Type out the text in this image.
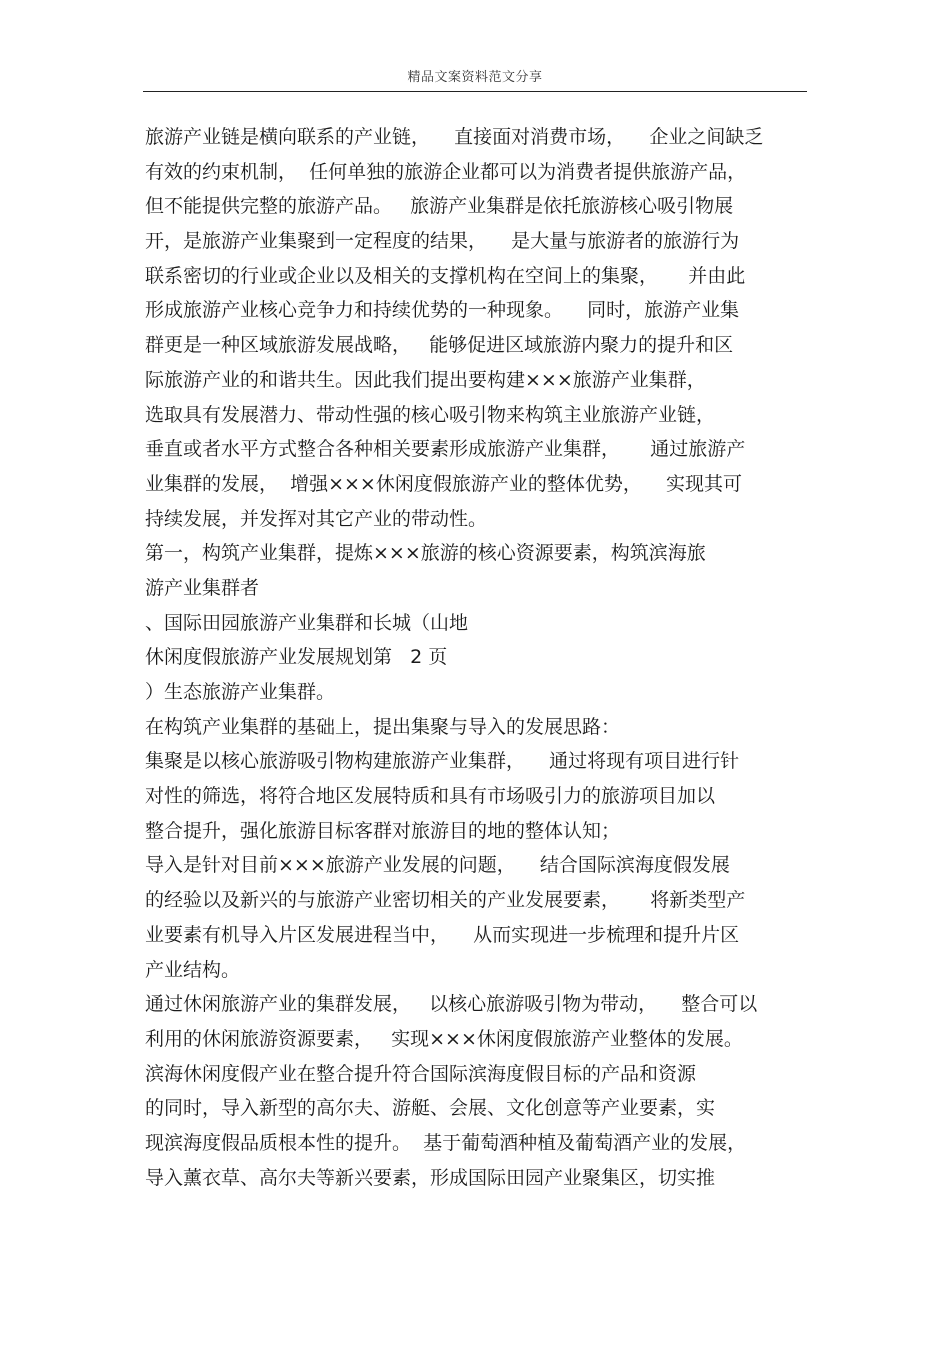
精品文案资料范文分享
旅游产业链是横向联系的产业链，    直接面对消费市场，    企业之间缺乏
有效的约束机制，  任何单独的旅游企业都可以为消费者提供旅游产品，
但不能提供完整的旅游产品。   旅游产业集群是依托旅游核心吸引物展
开，是旅游产业集聚到一定程度的结果，    是大量与旅游者的旅游行为
联系密切的行业或企业以及相关的支撑机构在空间上的集聚，     并由此
形成旅游产业核心竞争力和持续优势的一种现象。    同时，旅游产业集
群更是一种区域旅游发展战略，   能够促进区域旅游内聚力的提升和区
际旅游产业的和谐共生。因此我们提出要构建×××旅游产业集群，
选取具有发展潜力、带动性强的核心吸引物来构筑主业旅游产业链，
垂直或者水平方式整合各种相关要素形成旅游产业集群，     通过旅游产
业集群的发展，  增强×××休闲度假旅游产业的整体优势，    实现其可
持续发展，并发挥对其它产业的带动性。
第一，构筑产业集群，提炼×××旅游的核心资源要素，构筑滨海旅
游产业集群者
、国际田园旅游产业集群和长城（山地
休闲度假旅游产业发展规划第   2 页
）生态旅游产业集群。
在构筑产业集群的基础上，提出集聚与导入的发展思路：
集聚是以核心旅游吸引物构建旅游产业集群，    通过将现有项目进行针
对性的筛选，将符合地区发展特质和具有市场吸引力的旅游项目加以
整合提升，强化旅游目标客群对旅游目的地的整体认知；
导入是针对目前×××旅游产业发展的问题，    结合国际滨海度假发展
的经验以及新兴的与旅游产业密切相关的产业发展要素，     将新类型产
业要素有机导入片区发展进程当中，    从而实现进一步梳理和提升片区
产业结构。
通过休闲旅游产业的集群发展，   以核心旅游吸引物为带动，    整合可以
利用的休闲旅游资源要素，   实现×××休闲度假旅游产业整体的发展。
滨海休闲度假产业在整合提升符合国际滨海度假目标的产品和资源
的同时，导入新型的高尔夫、游艇、会展、文化创意等产业要素，实
现滨海度假品质根本性的提升。  基于葡萄酒种植及葡萄酒产业的发展，
导入薰衣草、高尔夫等新兴要素，形成国际田园产业聚集区，切实推
